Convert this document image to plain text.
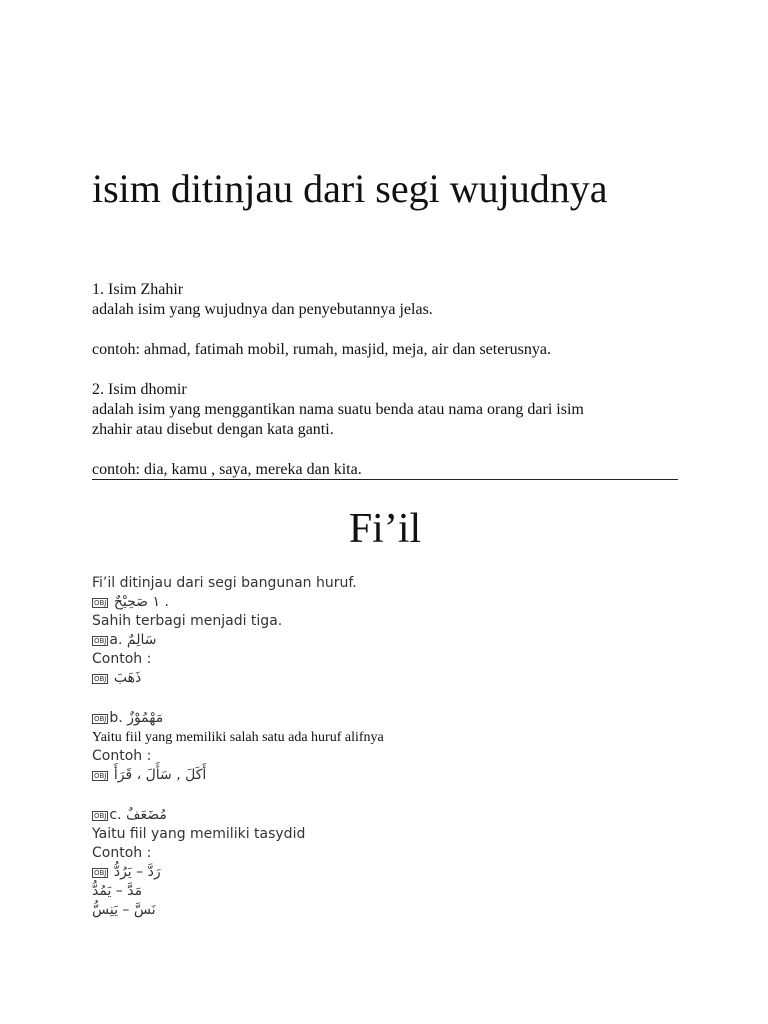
isim ditinjau dari segi wujudnya

1. Isim Zhahir

adalah isim yang wujudnya dan penyebutannya jelas.

contoh: ahmad, fatimah mobil, rumah, masjid, meja, air dan seterusnya.

2. Isim dhomir

adalah isim yang menggantikan nama suatu benda atau nama orang dari isim

zhahir atau disebut dengan kata ganti.

contoh: dia, kamu , saya, mereka dan kita.

Fi’il
Fi’il ditinjau dari segi bangunan huruf.
OBJ صَحِيْحٌ ١ .
Sahih terbagi menjadi tiga.
OBJ a. سَالِمٌ
Contoh :
OBJ ذَهَبَ
OBJ b. مَهْمُوْزٌ
Yaitu fiil yang memiliki salah satu ada huruf alifnya
Contoh :
OBJ أَكَلَ , سَأَلَ ، قَرَأَ
OBJ c. مُضَعَفٌ
Yaitu fiil yang memiliki tasydid
Contoh :
OBJ رَدَّ – يَرُدُّ
مَدَّ – يَمُدُّ
نَسَّ – يَنِسُّ
